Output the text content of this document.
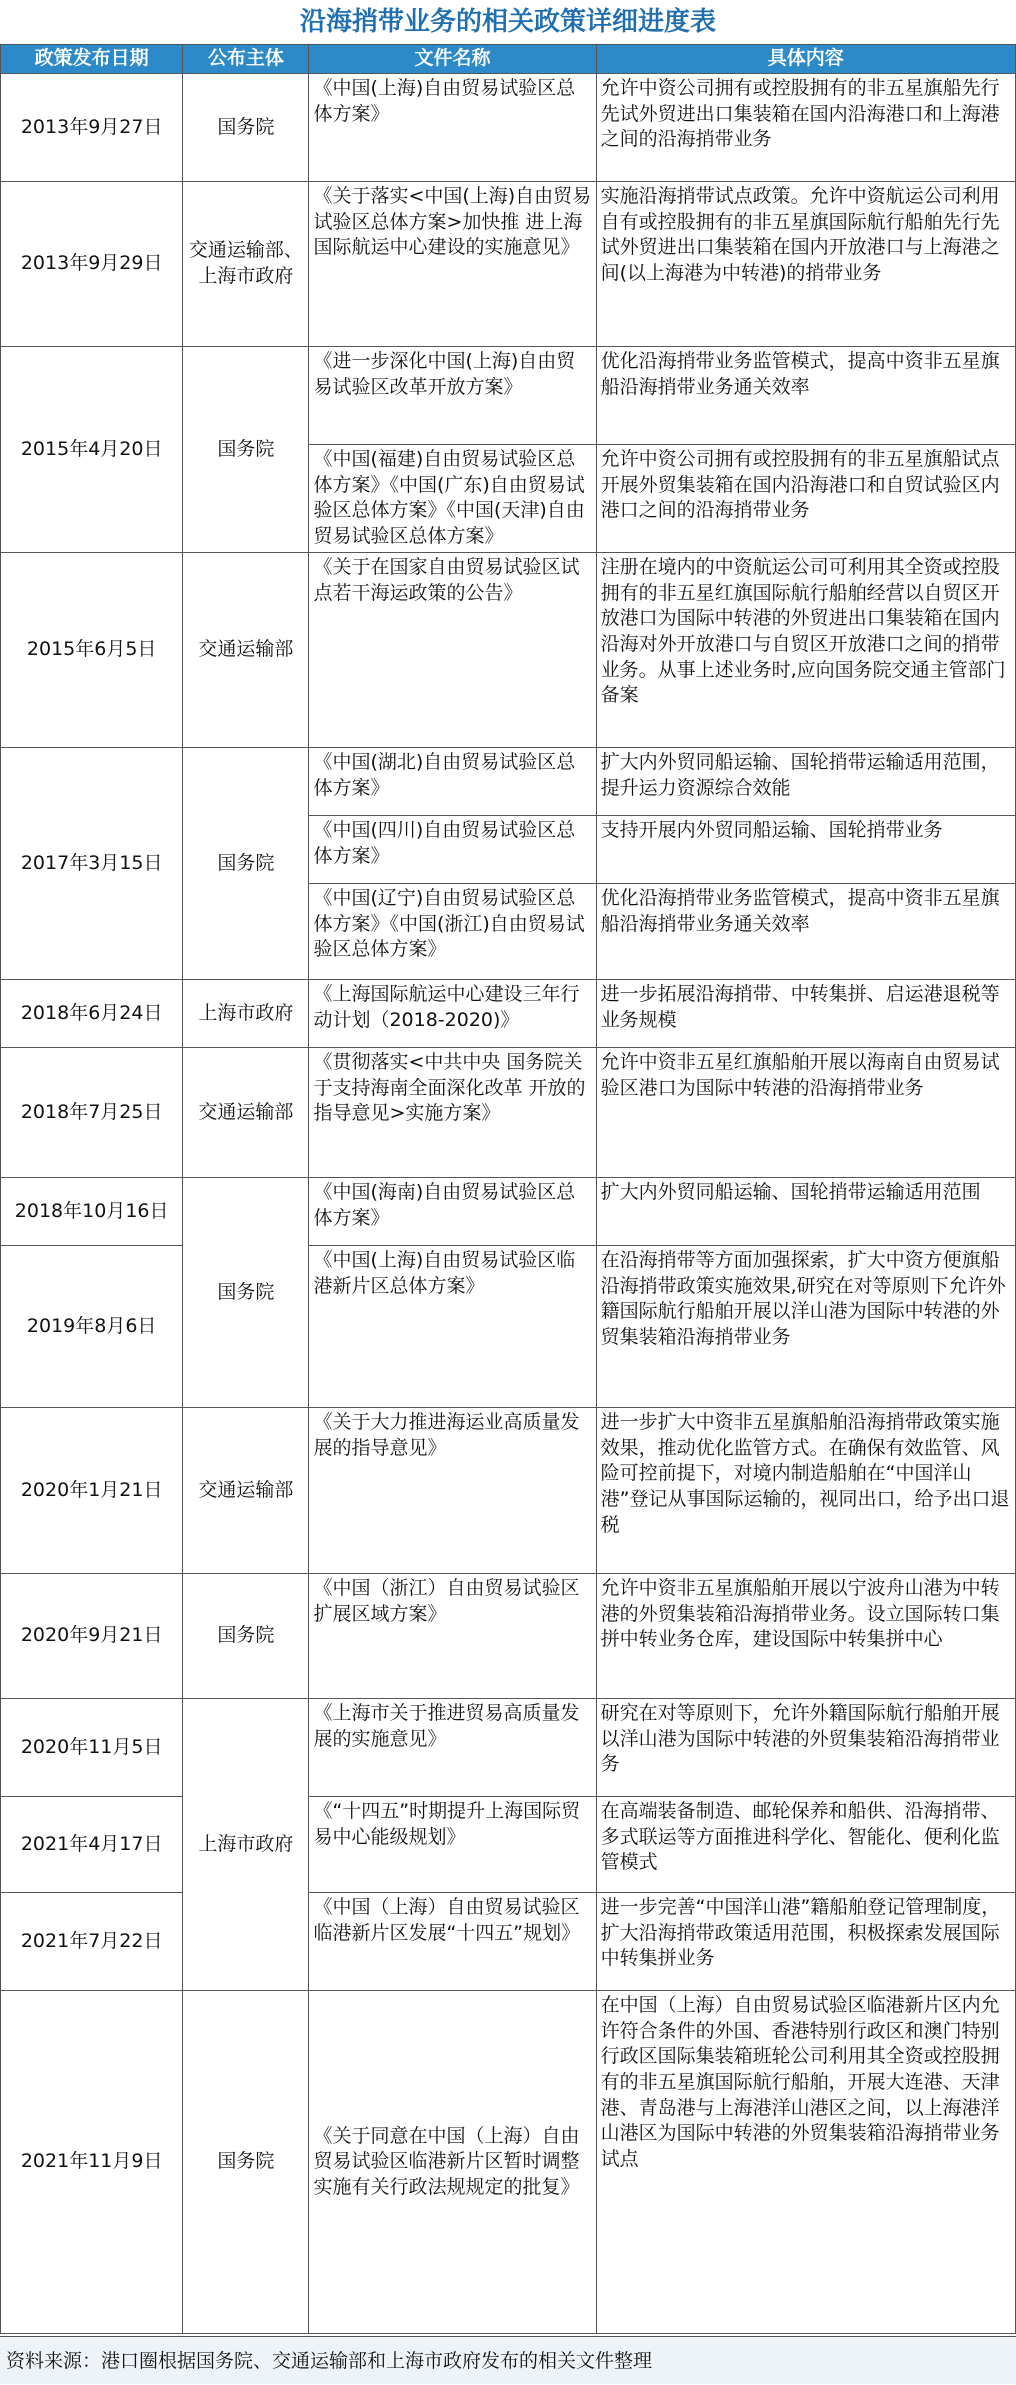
沿海捎带业务的相关政策详细进度表
政策发布日期	公布主体	文件名称	具体内容
2013年9月27日	国务院	《中国(上海)自由贸易试验区总体方案》	允许中资公司拥有或控股拥有的非五星旗船先行先试外贸进出口集装箱在国内沿海港口和上海港之间的沿海捎带业务
2013年9月29日	交通运输部、上海市政府	《关于落实<中国(上海)自由贸易试验区总体方案>加快推 进上海国际航运中心建设的实施意见》	实施沿海捎带试点政策。允许中资航运公司利用自有或控股拥有的非五星旗国际航行船舶先行先试外贸进出口集装箱在国内开放港口与上海港之间(以上海港为中转港)的捎带业务
2015年4月20日	国务院	《进一步深化中国(上海)自由贸易试验区改革开放方案》	优化沿海捎带业务监管模式，提高中资非五星旗船沿海捎带业务通关效率
		《中国(福建)自由贸易试验区总体方案》《中国(广东)自由贸易试验区总体方案》《中国(天津)自由贸易试验区总体方案》	允许中资公司拥有或控股拥有的非五星旗船试点开展外贸集装箱在国内沿海港口和自贸试验区内港口之间的沿海捎带业务
2015年6月5日	交通运输部	《关于在国家自由贸易试验区试点若干海运政策的公告》	注册在境内的中资航运公司可利用其全资或控股拥有的非五星红旗国际航行船舶经营以自贸区开放港口为国际中转港的外贸进出口集装箱在国内沿海对外开放港口与自贸区开放港口之间的捎带业务。从事上述业务时,应向国务院交通主管部门备案
2017年3月15日	国务院	《中国(湖北)自由贸易试验区总体方案》	扩大内外贸同船运输、国轮捎带运输适用范围，提升运力资源综合效能
		《中国(四川)自由贸易试验区总体方案》	支持开展内外贸同船运输、国轮捎带业务
		《中国(辽宁)自由贸易试验区总体方案》《中国(浙江)自由贸易试验区总体方案》	优化沿海捎带业务监管模式，提高中资非五星旗船沿海捎带业务通关效率
2018年6月24日	上海市政府	《上海国际航运中心建设三年行动计划（2018-2020)》	进一步拓展沿海捎带、中转集拼、启运港退税等业务规模
2018年7月25日	交通运输部	《贯彻落实<中共中央 国务院关于支持海南全面深化改革 开放的指导意见>实施方案》	允许中资非五星红旗船舶开展以海南自由贸易试验区港口为国际中转港的沿海捎带业务
2018年10月16日	国务院	《中国(海南)自由贸易试验区总体方案》	扩大内外贸同船运输、国轮捎带运输适用范围
2019年8月6日		《中国(上海)自由贸易试验区临港新片区总体方案》	在沿海捎带等方面加强探索，扩大中资方便旗船沿海捎带政策实施效果,研究在对等原则下允许外籍国际航行船舶开展以洋山港为国际中转港的外贸集装箱沿海捎带业务
2020年1月21日	交通运输部	《关于大力推进海运业高质量发展的指导意见》	进一步扩大中资非五星旗船舶沿海捎带政策实施效果，推动优化监管方式。在确保有效监管、风险可控前提下，对境内制造船舶在“中国洋山港”登记从事国际运输的，视同出口，给予出口退税
2020年9月21日	国务院	《中国（浙江）自由贸易试验区扩展区域方案》	允许中资非五星旗船舶开展以宁波舟山港为中转港的外贸集装箱沿海捎带业务。设立国际转口集拼中转业务仓库，建设国际中转集拼中心
2020年11月5日	上海市政府	《上海市关于推进贸易高质量发展的实施意见》	研究在对等原则下，允许外籍国际航行船舶开展以洋山港为国际中转港的外贸集装箱沿海捎带业务
2021年4月17日		《“十四五”时期提升上海国际贸易中心能级规划》	在高端装备制造、邮轮保养和船供、沿海捎带、多式联运等方面推进科学化、智能化、便利化监管模式
2021年7月22日		《中国（上海）自由贸易试验区临港新片区发展“十四五”规划》	进一步完善“中国洋山港”籍船舶登记管理制度，扩大沿海捎带政策适用范围，积极探索发展国际中转集拼业务
2021年11月9日	国务院	《关于同意在中国（上海）自由贸易试验区临港新片区暂时调整实施有关行政法规规定的批复》	在中国（上海）自由贸易试验区临港新片区内允许符合条件的外国、香港特别行政区和澳门特别行政区国际集装箱班轮公司利用其全资或控股拥有的非五星旗国际航行船舶，开展大连港、天津港、青岛港与上海港洋山港区之间，以上海港洋山港区为国际中转港的外贸集装箱沿海捎带业务试点
资料来源：港口圈根据国务院、交通运输部和上海市政府发布的相关文件整理
